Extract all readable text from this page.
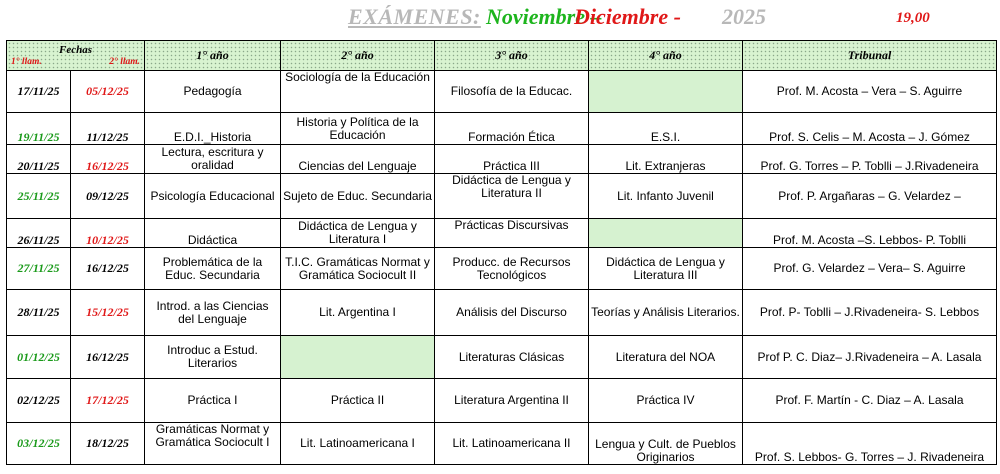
EXÁMENES: Noviembre –
Diciembre - 2025	19,00
Fechas
1° llam. 2° llam.		1° año	2° año	3° año	4° año	Tribunal
17/11/25	05/12/25	Pedagogía	Sociología de la Educación	Filosofía de la Educac.		Prof. M. Acosta – Vera – S. Aguirre
19/11/25	11/12/25	E.D.I._Historia	Historia y Política de la Educación	Formación Ética	E.S.I.	Prof. S. Celis – M. Acosta – J. Gómez
20/11/25	16/12/25	Lectura, escritura y oralidad	Ciencias del Lenguaje	Práctica III	Lit. Extranjeras	Prof. G. Torres – P. Toblli – J.Rivadeneira
25/11/25	09/12/25	Psicología Educacional	Sujeto de Educ. Secundaria	Didáctica de Lengua y Literatura II	Lit. Infanto Juvenil	Prof. P. Argañaras – G. Velardez –
26/11/25	10/12/25	Didáctica	Didáctica de Lengua y Literatura I	Prácticas Discursivas		Prof. M. Acosta –S. Lebbos- P. Toblli
27/11/25	16/12/25	Problemática de la Educ. Secundaria	T.I.C. Gramáticas Normat y Gramática Sociocult II	Producc. de Recursos Tecnológicos	Didáctica de Lengua y Literatura III	Prof. G. Velardez – Vera– S. Aguirre
28/11/25	15/12/25	Introd. a las Ciencias del Lenguaje	Lit. Argentina I	Análisis del Discurso	Teorías y Análisis Literarios.	Prof. P- Toblli – J.Rivadeneira- S. Lebbos
01/12/25	16/12/25	Introduc a Estud. Literarios		Literaturas Clásicas	Literatura del NOA	Prof P. C. Diaz– J.Rivadeneira – A. Lasala
02/12/25	17/12/25	Práctica I	Práctica II	Literatura Argentina II	Práctica IV	Prof. F. Martín - C. Diaz – A. Lasala
03/12/25	18/12/25	Gramáticas Normat y Gramática Sociocult I	Lit. Latinoamericana I	Lit. Latinoamericana II	Lengua y Cult. de Pueblos Originarios	Prof. S. Lebbos- G. Torres – J. Rivadeneira
